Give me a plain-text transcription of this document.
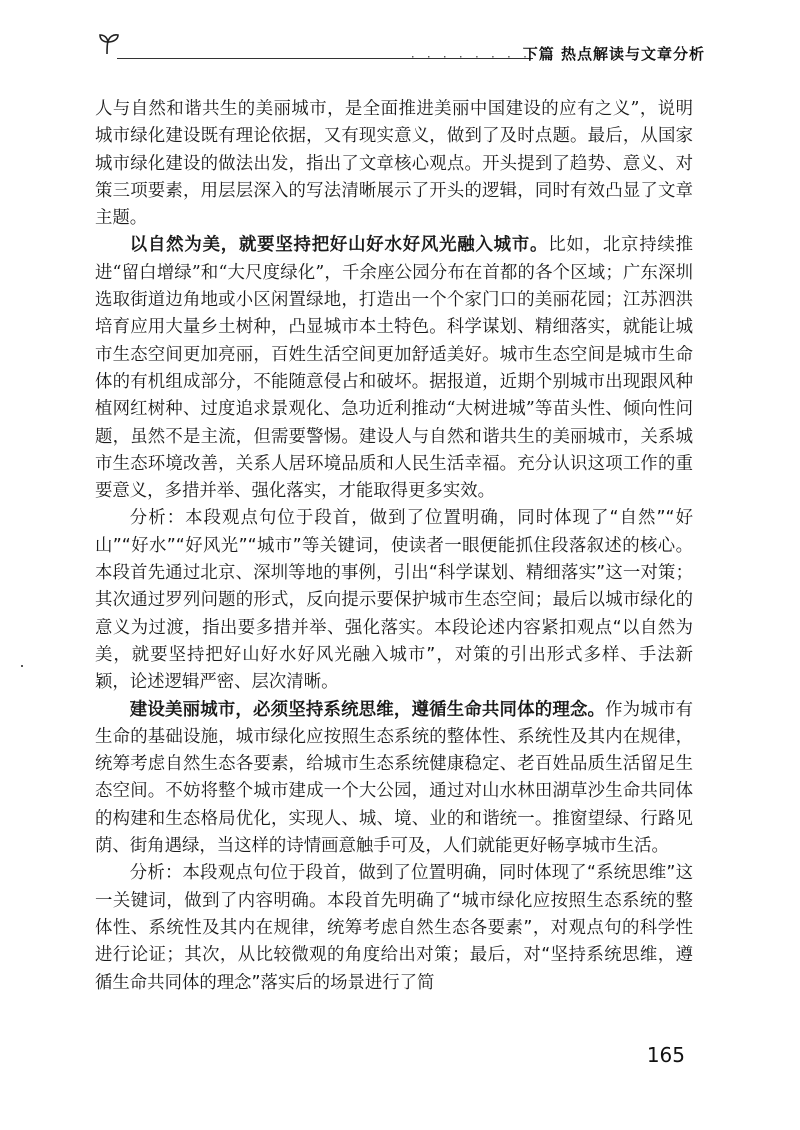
· · · · · · · ·
下篇 热点解读与文章分析

人与自然和谐共生的美丽城市，是全面推进美丽中国建设的应有之义”，说明城市绿化建设既有理论依据，又有现实意义，做到了及时点题。最后，从国家城市绿化建设的做法出发，指出了文章核心观点。开头提到了趋势、意义、对策三项要素，用层层深入的写法清晰展示了开头的逻辑，同时有效凸显了文章主题。

以自然为美，就要坚持把好山好水好风光融入城市。比如，北京持续推进“留白增绿”和“大尺度绿化”，千余座公园分布在首都的各个区域；广东深圳选取街道边角地或小区闲置绿地，打造出一个个家门口的美丽花园；江苏泗洪培育应用大量乡土树种，凸显城市本土特色。科学谋划、精细落实，就能让城市生态空间更加亮丽，百姓生活空间更加舒适美好。城市生态空间是城市生命体的有机组成部分，不能随意侵占和破坏。据报道，近期个别城市出现跟风种植网红树种、过度追求景观化、急功近利推动“大树进城”等苗头性、倾向性问题，虽然不是主流，但需要警惕。建设人与自然和谐共生的美丽城市，关系城市生态环境改善，关系人居环境品质和人民生活幸福。充分认识这项工作的重要意义，多措并举、强化落实，才能取得更多实效。

分析：本段观点句位于段首，做到了位置明确，同时体现了“自然”“好山”“好水”“好风光”“城市”等关键词，使读者一眼便能抓住段落叙述的核心。本段首先通过北京、深圳等地的事例，引出“科学谋划、精细落实”这一对策；其次通过罗列问题的形式，反向提示要保护城市生态空间；最后以城市绿化的意义为过渡，指出要多措并举、强化落实。本段论述内容紧扣观点“以自然为美，就要坚持把好山好水好风光融入城市”，对策的引出形式多样、手法新颖，论述逻辑严密、层次清晰。

建设美丽城市，必须坚持系统思维，遵循生命共同体的理念。作为城市有生命的基础设施，城市绿化应按照生态系统的整体性、系统性及其内在规律，统筹考虑自然生态各要素，给城市生态系统健康稳定、老百姓品质生活留足生态空间。不妨将整个城市建成一个大公园，通过对山水林田湖草沙生命共同体的构建和生态格局优化，实现人、城、境、业的和谐统一。推窗望绿、行路见荫、街角遇绿，当这样的诗情画意触手可及，人们就能更好畅享城市生活。

分析：本段观点句位于段首，做到了位置明确，同时体现了“系统思维”这一关键词，做到了内容明确。本段首先明确了“城市绿化应按照生态系统的整体性、系统性及其内在规律，统筹考虑自然生态各要素”，对观点句的科学性进行论证；其次，从比较微观的角度给出对策；最后，对“坚持系统思维，遵循生命共同体的理念”落实后的场景进行了简

165
